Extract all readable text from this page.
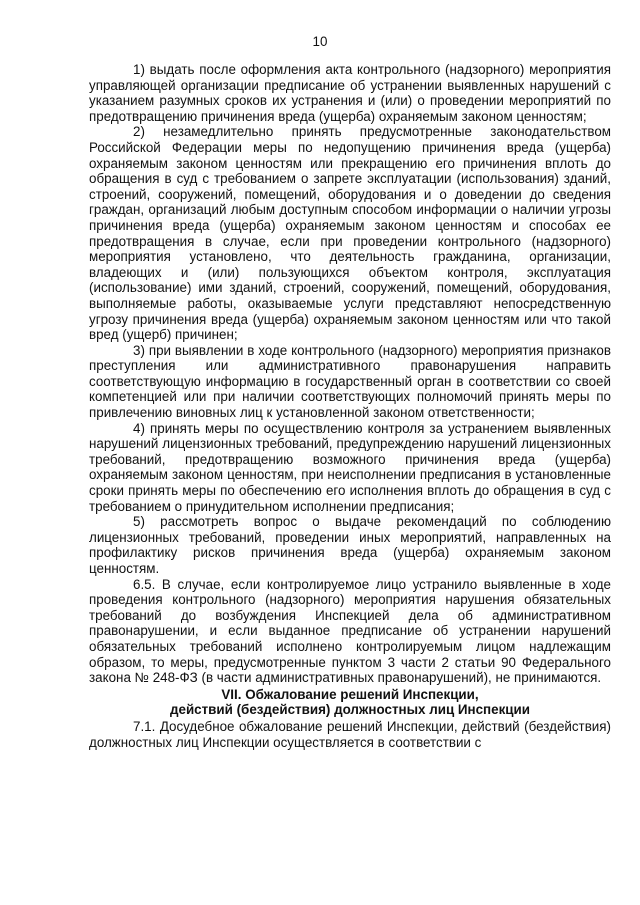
10

1) выдать после оформления акта контрольного (надзорного) мероприятия управляющей организации предписание об устранении выявленных нарушений с указанием разумных сроков их устранения и (или) о проведении мероприятий по предотвращению причинения вреда (ущерба) охраняемым законом ценностям;

2) незамедлительно принять предусмотренные законодательством Российской Федерации меры по недопущению причинения вреда (ущерба) охраняемым законом ценностям или прекращению его причинения вплоть до обращения в суд с требованием о запрете эксплуатации (использования) зданий, строений, сооружений, помещений, оборудования и о доведении до сведения граждан, организаций любым доступным способом информации о наличии угрозы причинения вреда (ущерба) охраняемым законом ценностям и способах ее предотвращения в случае, если при проведении контрольного (надзорного) мероприятия установлено, что деятельность гражданина, организации, владеющих и (или) пользующихся объектом контроля, эксплуатация (использование) ими зданий, строений, сооружений, помещений, оборудования, выполняемые работы, оказываемые услуги представляют непосредственную угрозу причинения вреда (ущерба) охраняемым законом ценностям или что такой вред (ущерб) причинен;

3) при выявлении в ходе контрольного (надзорного) мероприятия признаков преступления или административного правонарушения направить соответствующую информацию в государственный орган в соответствии со своей компетенцией или при наличии соответствующих полномочий принять меры по привлечению виновных лиц к установленной законом ответственности;

4) принять меры по осуществлению контроля за устранением выявленных нарушений лицензионных требований, предупреждению нарушений лицензионных требований, предотвращению возможного причинения вреда (ущерба) охраняемым законом ценностям, при неисполнении предписания в установленные сроки принять меры по обеспечению его исполнения вплоть до обращения в суд с требованием о принудительном исполнении предписания;

5) рассмотреть вопрос о выдаче рекомендаций по соблюдению лицензионных требований, проведении иных мероприятий, направленных на профилактику рисков причинения вреда (ущерба) охраняемым законом ценностям.

6.5. В случае, если контролируемое лицо устранило выявленные в ходе проведения контрольного (надзорного) мероприятия нарушения обязательных требований до возбуждения Инспекцией дела об административном правонарушении, и если выданное предписание об устранении нарушений обязательных требований исполнено контролируемым лицом надлежащим образом, то меры, предусмотренные пунктом 3 части 2 статьи 90 Федерального закона № 248-ФЗ (в части административных правонарушений), не принимаются.

VII. Обжалование решений Инспекции,
действий (бездействия) должностных лиц Инспекции

7.1. Досудебное обжалование решений Инспекции, действий (бездействия) должностных лиц Инспекции осуществляется в соответствии с
